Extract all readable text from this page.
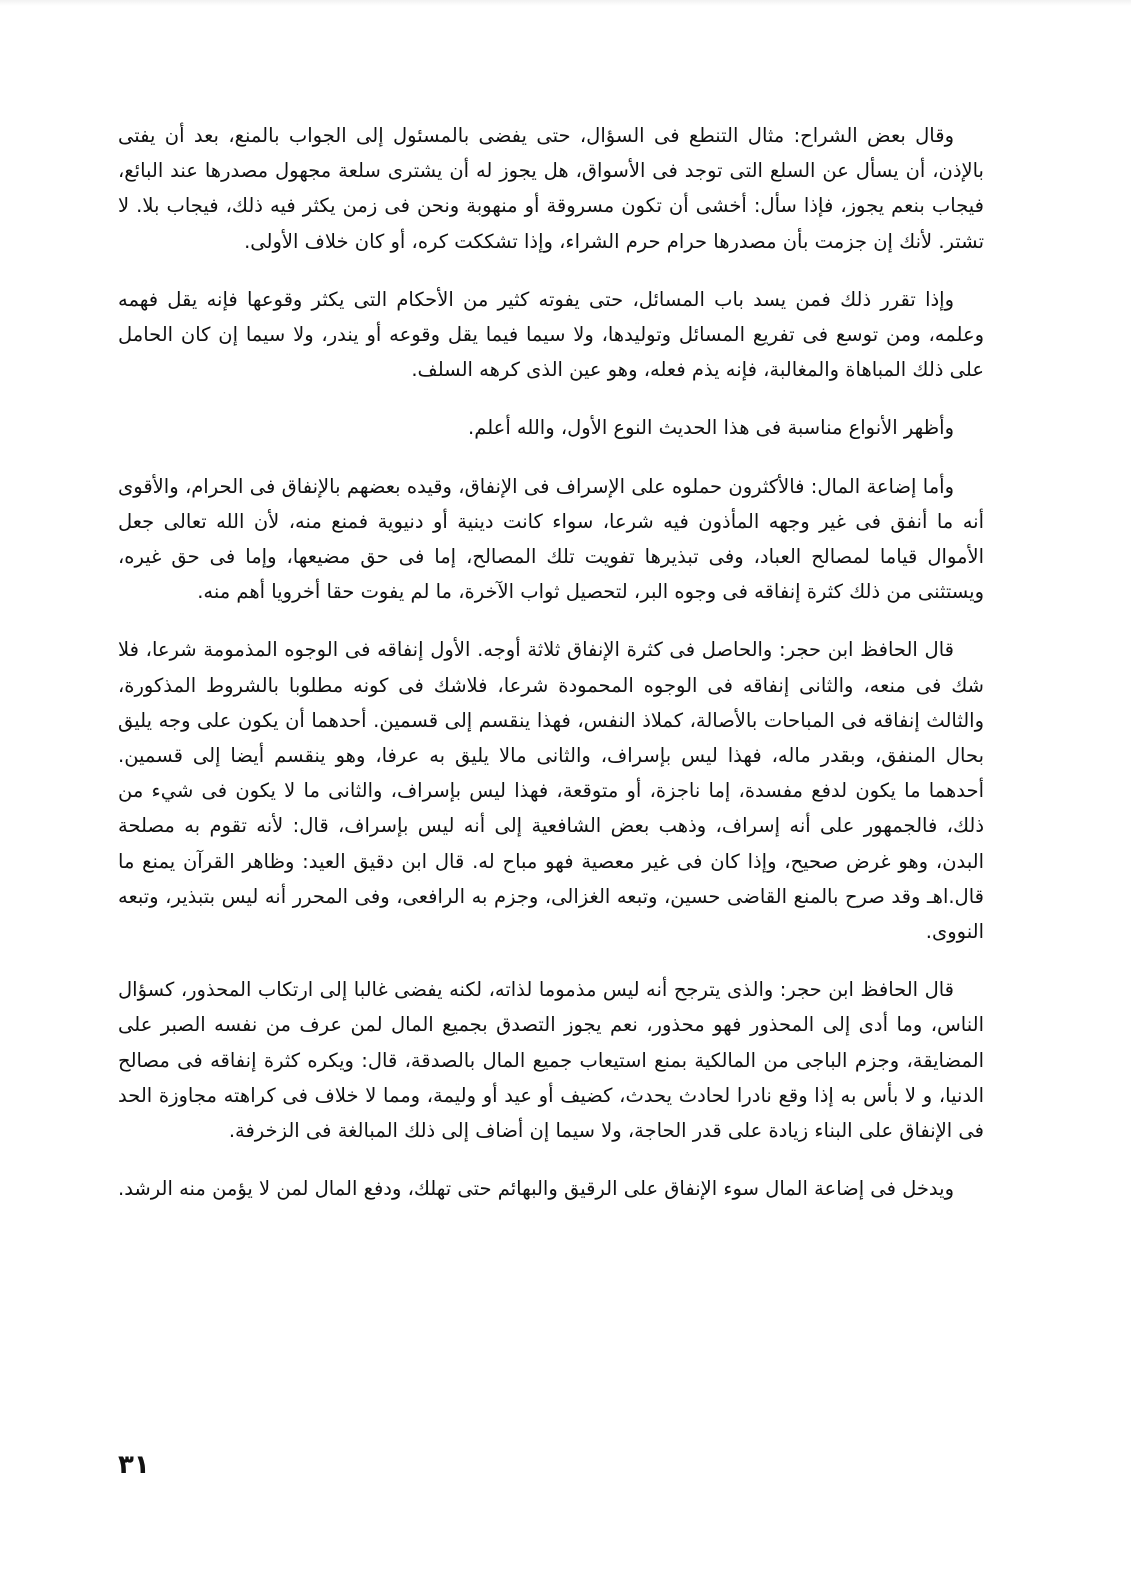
وقال بعض الشراح: مثال التنطع فى السؤال، حتى يفضى بالمسئول إلى الجواب بالمنع، بعد أن يفتى بالإذن، أن يسأل عن السلع التى توجد فى الأسواق، هل يجوز له أن يشترى سلعة مجهول مصدرها عند البائع، فيجاب بنعم يجوز، فإذا سأل: أخشى أن تكون مسروقة أو منهوبة ونحن فى زمن يكثر فيه ذلك، فيجاب بلا. لا تشتر. لأنك إن جزمت بأن مصدرها حرام حرم الشراء، وإذا تشككت كره، أو كان خلاف الأولى.

وإذا تقرر ذلك فمن يسد باب المسائل، حتى يفوته كثير من الأحكام التى يكثر وقوعها فإنه يقل فهمه وعلمه، ومن توسع فى تفريع المسائل وتوليدها، ولا سيما فيما يقل وقوعه أو يندر، ولا سيما إن كان الحامل على ذلك المباهاة والمغالبة، فإنه يذم فعله، وهو عين الذى كرهه السلف.

وأظهر الأنواع مناسبة فى هذا الحديث النوع الأول، والله أعلم.

وأما إضاعة المال: فالأكثرون حملوه على الإسراف فى الإنفاق، وقيده بعضهم بالإنفاق فى الحرام، والأقوى أنه ما أنفق فى غير وجهه المأذون فيه شرعا، سواء كانت دينية أو دنيوية فمنع منه، لأن الله تعالى جعل الأموال قياما لمصالح العباد، وفى تبذيرها تفويت تلك المصالح، إما فى حق مضيعها، وإما فى حق غيره، ويستثنى من ذلك كثرة إنفاقه فى وجوه البر، لتحصيل ثواب الآخرة، ما لم يفوت حقا أخرويا أهم منه.

قال الحافظ ابن حجر: والحاصل فى كثرة الإنفاق ثلاثة أوجه. الأول إنفاقه فى الوجوه المذمومة شرعا، فلا شك فى منعه، والثانى إنفاقه فى الوجوه المحمودة شرعا، فلاشك فى كونه مطلوبا بالشروط المذكورة، والثالث إنفاقه فى المباحات بالأصالة، كملاذ النفس، فهذا ينقسم إلى قسمين. أحدهما أن يكون على وجه يليق بحال المنفق، وبقدر ماله، فهذا ليس بإسراف، والثانى مالا يليق به عرفا، وهو ينقسم أيضا إلى قسمين. أحدهما ما يكون لدفع مفسدة، إما ناجزة، أو متوقعة، فهذا ليس بإسراف، والثانى ما لا يكون فى شيء من ذلك، فالجمهور على أنه إسراف، وذهب بعض الشافعية إلى أنه ليس بإسراف، قال: لأنه تقوم به مصلحة البدن، وهو غرض صحيح، وإذا كان فى غير معصية فهو مباح له. قال ابن دقيق العيد: وظاهر القرآن يمنع ما قال.اهـ وقد صرح بالمنع القاضى حسين، وتبعه الغزالى، وجزم به الرافعى، وفى المحرر أنه ليس بتبذير، وتبعه النووى.

قال الحافظ ابن حجر: والذى يترجح أنه ليس مذموما لذاته، لكنه يفضى غالبا إلى ارتكاب المحذور، كسؤال الناس، وما أدى إلى المحذور فهو محذور، نعم يجوز التصدق بجميع المال لمن عرف من نفسه الصبر على المضايقة، وجزم الباجى من المالكية بمنع استيعاب جميع المال بالصدقة، قال: ويكره كثرة إنفاقه فى مصالح الدنيا، و لا بأس به إذا وقع نادرا لحادث يحدث، كضيف أو عيد أو وليمة، ومما لا خلاف فى كراهته مجاوزة الحد فى الإنفاق على البناء زيادة على قدر الحاجة، ولا سيما إن أضاف إلى ذلك المبالغة فى الزخرفة.

ويدخل فى إضاعة المال سوء الإنفاق على الرقيق والبهائم حتى تهلك، ودفع المال لمن لا يؤمن منه الرشد.

٣١
